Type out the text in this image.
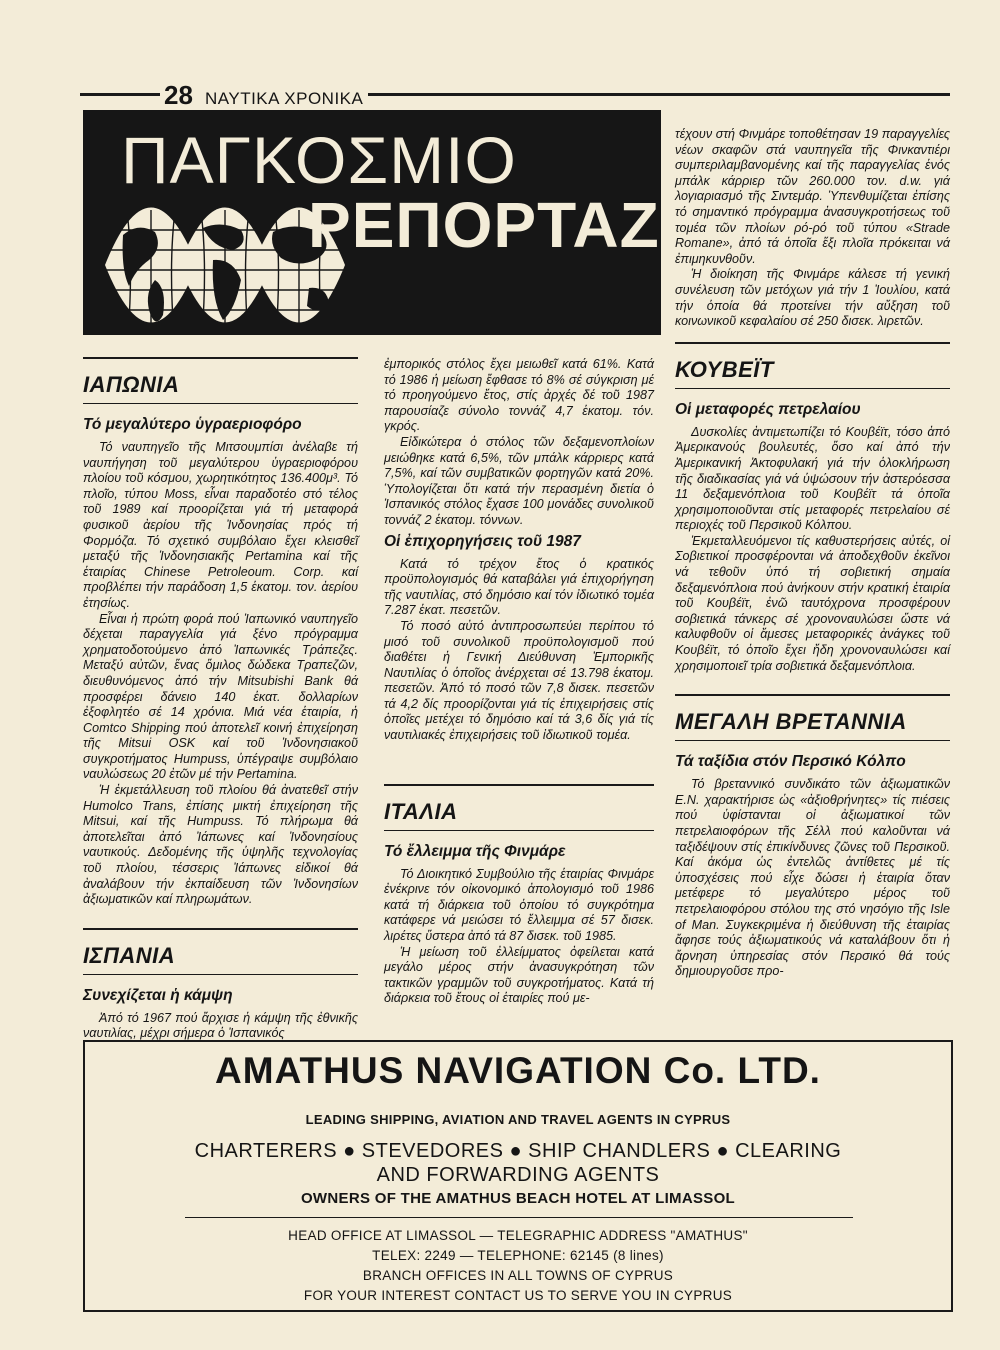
28 ΝΑΥΤΙΚΑ ΧΡΟΝΙΚΑ
ΠΑΓΚΟΣΜΙΟ
ΡΕΠΟΡΤΑΖ
ΙΑΠΩΝΙΑ
Τό μεγαλύτερο ὑγραεριοφόρο

Τό ναυπηγεῖο τῆς Μιτσουμπίσι ἀνέλαβε τή ναυπήγηση τοῦ μεγαλύτερου ὑγραεριοφόρου πλοίου τοῦ κόσμου, χωρητικότητος 136.400μ³. Τό πλοῖο, τύπου Moss, εἶναι παραδοτέο στό τέλος τοῦ 1989 καί προορίζεται γιά τή μεταφορά φυσικοῦ ἀερίου τῆς Ἰνδονησίας πρός τή Φορμόζα. Τό σχετικό συμβόλαιο ἔχει κλεισθεῖ μεταξύ τῆς Ἰνδονησιακῆς Pertamina καί τῆς ἑταιρίας Chinese Petroleoum. Corp. καί προβλέπει τήν παράδοση 1,5 ἑκατομ. τον. ἀερίου ἐτησίως.

Εἶναι ἡ πρώτη φορά πού Ἰαπωνικό ναυπηγεῖο δέχεται παραγγελία γιά ξένο πρόγραμμα χρηματοδοτούμενο ἀπό Ἰαπωνικές Τράπεζες. Μεταξύ αὐτῶν, ἕνας ὅμιλος δώδεκα Τραπεζῶν, διευθυνόμενος ἀπό τήν Mitsubishi Bank θά προσφέρει δάνειο 140 ἑκατ. δολλαρίων ἐξοφλητέο σέ 14 χρόνια. Μιά νέα ἑταιρία, ἡ Comtco Shipping πού ἀποτελεῖ κοινή ἐπιχείρηση τῆς Mitsui OSK καί τοῦ Ἰνδονησιακοῦ συγκροτήματος Humpuss, ὑπέγραψε συμβόλαιο ναυλώσεως 20 ἐτῶν μέ τήν Pertamina.

Ἡ ἐκμετάλλευση τοῦ πλοίου θά ἀνατεθεῖ στήν Humolco Trans, ἐπίσης μικτή ἐπιχείρηση τῆς Mitsui, καί τῆς Humpuss. Τό πλήρωμα θά ἀποτελεῖται ἀπό Ἰάπωνες καί Ἰνδονησίους ναυτικούς. Δεδομένης τῆς ὑψηλῆς τεχνολογίας τοῦ πλοίου, τέσσερις Ἰάπωνες εἰδικοί θά ἀναλάβουν τήν ἐκπαίδευση τῶν Ἰνδονησίων ἀξιωματικῶν καί πληρωμάτων.

ΙΣΠΑΝΙΑ
Συνεχίζεται ἡ κάμψη

Ἀπό τό 1967 πού ἄρχισε ἡ κάμψη τῆς ἐθνικῆς ναυτιλίας, μέχρι σήμερα ὁ Ἰσπανικός

ἐμπορικός στόλος ἔχει μειωθεῖ κατά 61%. Κατά τό 1986 ἡ μείωση ἔφθασε τό 8% σέ σύγκριση μέ τό προηγούμενο ἔτος, στίς ἀρχές δέ τοῦ 1987 παρουσίαζε σύνολο τοννάζ 4,7 ἑκατομ. τόν. γκρός.

Εἰδικώτερα ὁ στόλος τῶν δεξαμενοπλοίων μειώθηκε κατά 6,5%, τῶν μπάλκ κάρριερς κατά 7,5%, καί τῶν συμβατικῶν φορτηγῶν κατά 20%. Ὑπολογίζεται ὅτι κατά τήν περασμένη διετία ὁ Ἰσπανικός στόλος ἔχασε 100 μονάδες συνολικοῦ τοννάζ 2 ἑκατομ. τόννων.

Οἱ ἐπιχορηγήσεις τοῦ 1987

Κατά τό τρέχον ἔτος ὁ κρατικός προϋπολογισμός θά καταβάλει γιά ἐπιχορήγηση τῆς ναυτιλίας, στό δημόσιο καί τόν ἰδιωτικό τομέα 7.287 ἑκατ. πεσετῶν.

Τό ποσό αὐτό ἀντιπροσωπεύει περίπου τό μισό τοῦ συνολικοῦ προϋπολογισμοῦ πού διαθέτει ἡ Γενική Διεύθυνση Ἐμπορικῆς Ναυτιλίας ὁ ὁποῖος ἀνέρχεται σέ 13.798 ἑκατομ. πεσετῶν. Ἀπό τό ποσό τῶν 7,8 δισεκ. πεσετῶν τά 4,2 δίς προορίζονται γιά τίς ἐπιχειρήσεις στίς ὁποῖες μετέχει τό δημόσιο καί τά 3,6 δίς γιά τίς ναυτιλιακές ἐπιχειρήσεις τοῦ ἰδιωτικοῦ τομέα.

ΙΤΑΛΙΑ
Τό ἔλλειμμα τῆς Φινμάρε

Τό Διοικητικό Συμβούλιο τῆς ἑταιρίας Φινμάρε ἐνέκρινε τόν οἰκονομικό ἀπολογισμό τοῦ 1986 κατά τή διάρκεια τοῦ ὁποίου τό συγκρότημα κατάφερε νά μειώσει τό ἔλλειμμα σέ 57 δισεκ. λιρέτες ὕστερα ἀπό τά 87 δισεκ. τοῦ 1985.

Ἡ μείωση τοῦ ἐλλείμματος ὀφείλεται κατά μεγάλο μέρος στήν ἀνασυγκρότηση τῶν τακτικῶν γραμμῶν τοῦ συγκροτήματος. Κατά τή διάρκεια τοῦ ἔτους οἱ ἑταιρίες πού με-

τέχουν στή Φινμάρε τοποθέτησαν 19 παραγγελίες νέων σκαφῶν στά ναυπηγεῖα τῆς Φινκαντιέρι συμπεριλαμβανομένης καί τῆς παραγγελίας ἑνός μπάλκ κάρριερ τῶν 260.000 τον. d.w. γιά λογιαριασμό τῆς Σιντεμάρ. Ὑπενθυμίζεται ἐπίσης τό σημαντικό πρόγραμμα ἀνασυγκροτήσεως τοῦ τομέα τῶν πλοίων ρό-ρό τοῦ τύπου «Strade Romane», ἀπό τά ὁποῖα ἕξι πλοῖα πρόκειται νά ἐπιμηκυνθοῦν.

Ἡ διοίκηση τῆς Φινμάρε κάλεσε τή γενική συνέλευση τῶν μετόχων γιά τήν 1 Ἰουλίου, κατά τήν ὁποία θά προτείνει τήν αὔξηση τοῦ κοινωνικοῦ κεφαλαίου σέ 250 δισεκ. λιρετῶν.

ΚΟΥΒΕΪΤ
Οἱ μεταφορές πετρελαίου

Δυσκολίες ἀντιμετωπίζει τό Κουβέϊτ, τόσο ἀπό Ἀμερικανούς βουλευτές, ὅσο καί ἀπό τήν Ἀμερικανική Ἀκτοφυλακή γιά τήν ὁλοκλήρωση τῆς διαδικασίας γιά νά ὑψώσουν τήν ἀστερόεσσα 11 δεξαμενόπλοια τοῦ Κουβέϊτ τά ὁποῖα χρησιμοποιοῦνται στίς μεταφορές πετρελαίου σέ περιοχές τοῦ Περσικοῦ Κόλπου.

Ἐκμεταλλευόμενοι τίς καθυστερήσεις αὐτές, οἱ Σοβιετικοί προσφέρονται νά ἀποδεχθοῦν ἐκεῖνοι νά τεθοῦν ὑπό τή σοβιετική σημαία δεξαμενόπλοια πού ἀνήκουν στήν κρατική ἑταιρία τοῦ Κουβέϊτ, ἐνῶ ταυτόχρονα προσφέρουν σοβιετικά τάνκερς σέ χρονοναυλώσει ὥστε νά καλυφθοῦν οἱ ἄμεσες μεταφορικές ἀνάγκες τοῦ Κουβέϊτ, τό ὁποῖο ἔχει ἤδη χρονοναυλώσει καί χρησιμοποιεῖ τρία σοβιετικά δεξαμενόπλοια.

ΜΕΓΑΛΗ ΒΡΕΤΑΝΝΙΑ
Τά ταξίδια στόν Περσικό Κόλπο

Τό βρεταννικό συνδικάτο τῶν ἀξιωματικῶν Ε.Ν. χαρακτήρισε ὡς «ἀξιοθρήνητες» τίς πιέσεις πού ὑφίστανται οἱ ἀξιωματικοί τῶν πετρελαιοφόρων τῆς Σέλλ πού καλοῦνται νά ταξιδέψουν στίς ἐπικίνδυνες ζῶνες τοῦ Περσικοῦ. Καί ἀκόμα ὡς ἐντελῶς ἀντίθετες μέ τίς ὑποσχέσεις πού εἶχε δώσει ἡ ἑταιρία ὅταν μετέφερε τό μεγαλύτερο μέρος τοῦ πετρελαιοφόρου στόλου της στό νησόγιο τῆς Isle of Man. Συγκεκριμένα ἡ διεύθυνση τῆς ἑταιρίας ἄφησε τούς ἀξιωματικούς νά καταλάβουν ὅτι ἡ ἄρνηση ὑπηρεσίας στόν Περσικό θά τούς δημιουργοῦσε προ-

AMATHUS NAVIGATION Co. LTD.
LEADING SHIPPING, AVIATION AND TRAVEL AGENTS IN CYPRUS
CHARTERERS ● STEVEDORES ● SHIP CHANDLERS ● CLEARING
AND FORWARDING AGENTS
OWNERS OF THE AMATHUS BEACH HOTEL AT LIMASSOL
HEAD OFFICE AT LIMASSOL — TELEGRAPHIC ADDRESS "AMATHUS"
TELEX: 2249 — TELEPHONE: 62145 (8 lines)
BRANCH OFFICES IN ALL TOWNS OF CYPRUS
FOR YOUR INTEREST CONTACT US TO SERVE YOU IN CYPRUS
